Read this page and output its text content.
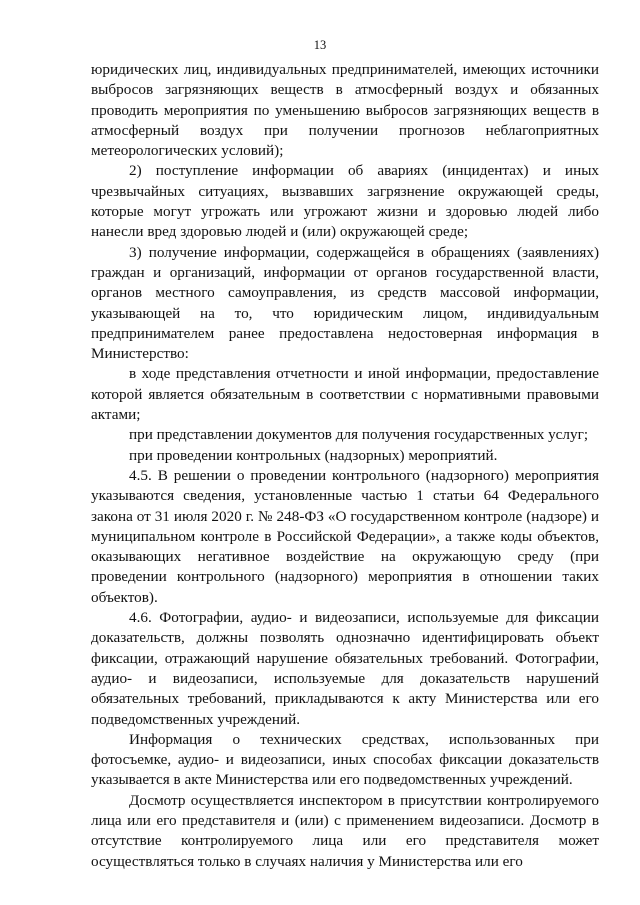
13

юридических лиц, индивидуальных предпринимателей, имеющих источники выбросов загрязняющих веществ в атмосферный воздух и обязанных проводить мероприятия по уменьшению выбросов загрязняющих веществ в атмосферный воздух при получении прогнозов неблагоприятных метеорологических условий);

2) поступление информации об авариях (инцидентах) и иных чрезвычайных ситуациях, вызвавших загрязнение окружающей среды, которые могут угрожать или угрожают жизни и здоровью людей либо нанесли вред здоровью людей и (или) окружающей среде;

3) получение информации, содержащейся в обращениях (заявлениях) граждан и организаций, информации от органов государственной власти, органов местного самоуправления, из средств массовой информации, указывающей на то, что юридическим лицом, индивидуальным предпринимателем ранее предоставлена недостоверная информация в Министерство:

в ходе представления отчетности и иной информации, предоставление которой является обязательным в соответствии с нормативными правовыми актами;

при представлении документов для получения государственных услуг;

при проведении контрольных (надзорных) мероприятий.

4.5. В решении о проведении контрольного (надзорного) мероприятия указываются сведения, установленные частью 1 статьи 64 Федерального закона от 31 июля 2020 г. № 248-ФЗ «О государственном контроле (надзоре) и муниципальном контроле в Российской Федерации», а также коды объектов, оказывающих негативное воздействие на окружающую среду (при проведении контрольного (надзорного) мероприятия в отношении таких объектов).

4.6. Фотографии, аудио- и видеозаписи, используемые для фиксации доказательств, должны позволять однозначно идентифицировать объект фиксации, отражающий нарушение обязательных требований. Фотографии, аудио- и видеозаписи, используемые для доказательств нарушений обязательных требований, прикладываются к акту Министерства или его подведомственных учреждений.

Информация о технических средствах, использованных при фотосъемке, аудио- и видеозаписи, иных способах фиксации доказательств указывается в акте Министерства или его подведомственных учреждений.

Досмотр осуществляется инспектором в присутствии контролируемого лица или его представителя и (или) с применением видеозаписи. Досмотр в отсутствие контролируемого лица или его представителя может осуществляться только в случаях наличия у Министерства или его
